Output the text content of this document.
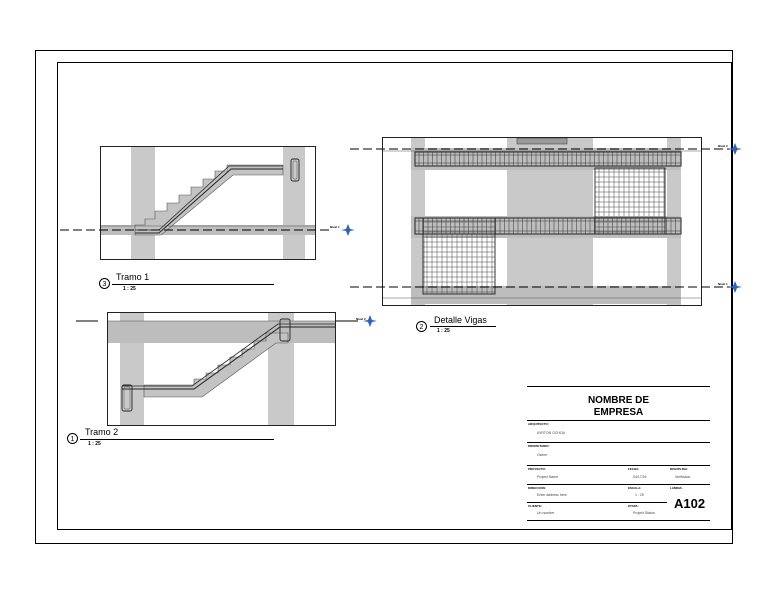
Nivel 1
3
Tramo 1
1 : 25
Nivel 2
1
Tramo 2
1 : 25
Nivel 2
Nivel 1
2
Detalle Vigas
1 : 25
NOMBRE DE
EMPRESA
ARQUITECTO:
AYRTON OCHOA
PROPIETARIO:
Owner
PROYECTO:
Project Name
FECHA:
04/17/24
DISCIPLINA:
Verificado
DIRECCIÓN:
Enter address here
ESCALA:
1 : 25
LÁMINA:
CLIENTE:
Un number
ETAPA:
Project Status
A102
